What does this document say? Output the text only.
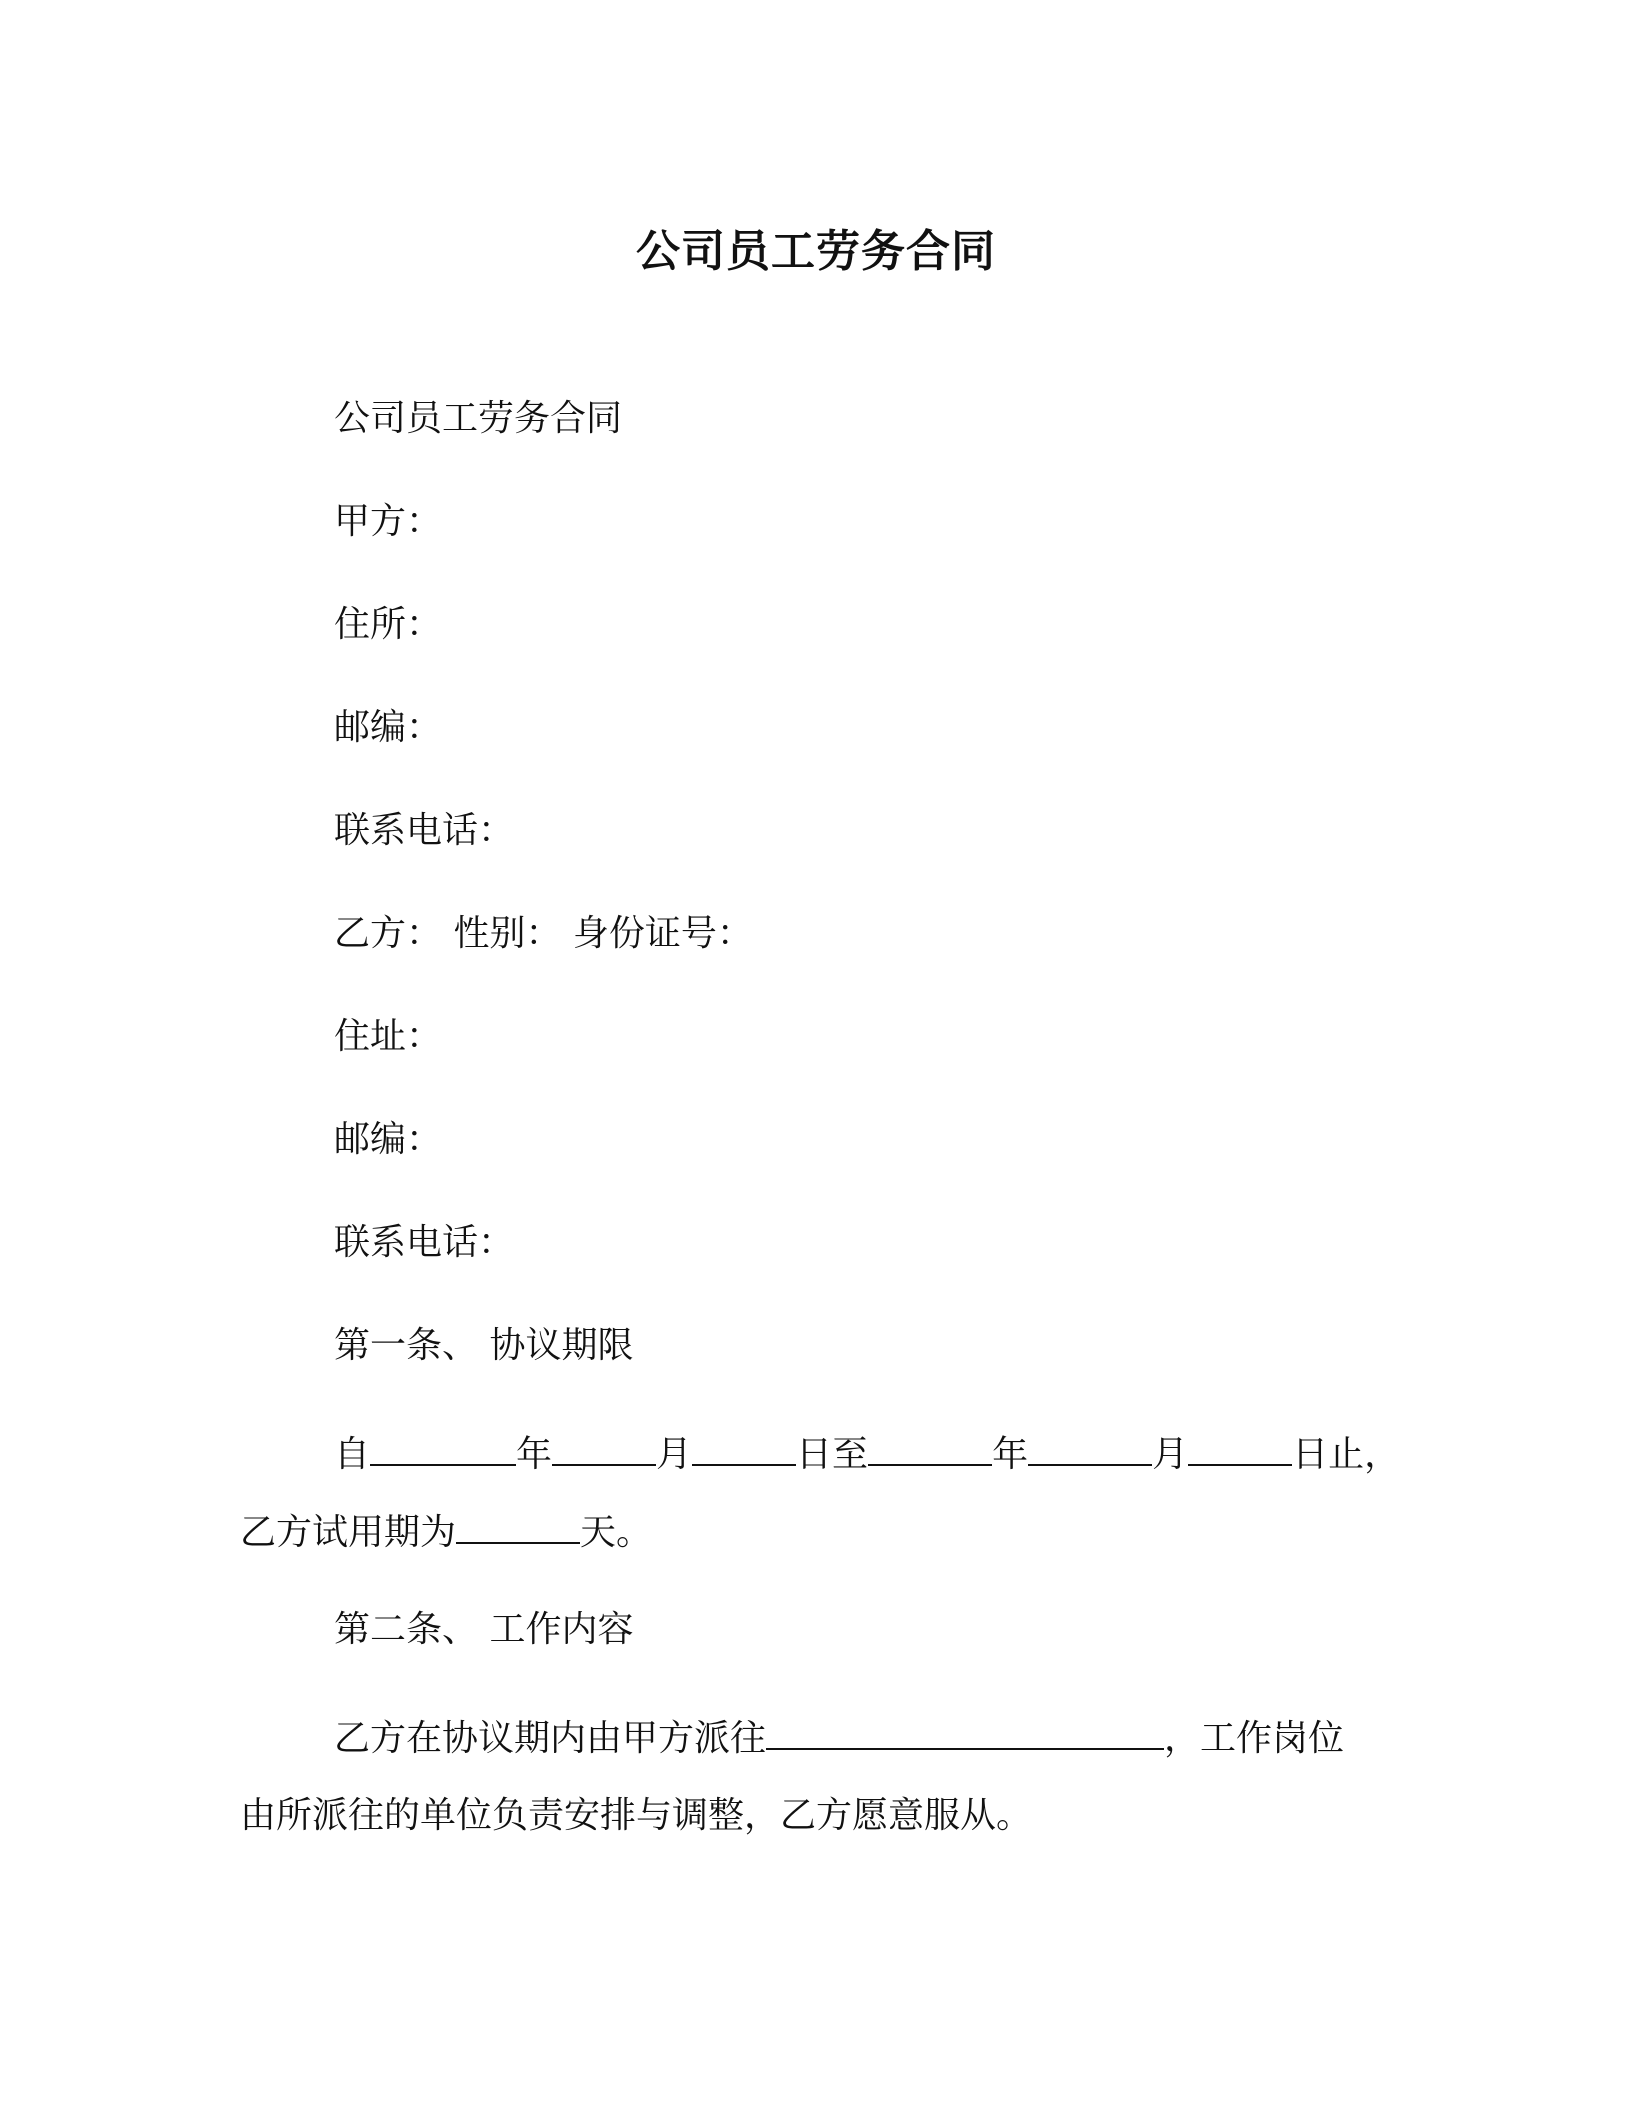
公司员工劳务合同
公司员工劳务合同
甲方：
住所：
邮编：
联系电话：
乙方： 性别： 身份证号：
住址：
邮编：
联系电话：
第一条、 协议期限
自	年	月	日至	年	月	日止，
乙方试用期为	天。
第二条、 工作内容
乙方在协议期内由甲方派往	，工作岗位
由所派往的单位负责安排与调整，乙方愿意服从。
